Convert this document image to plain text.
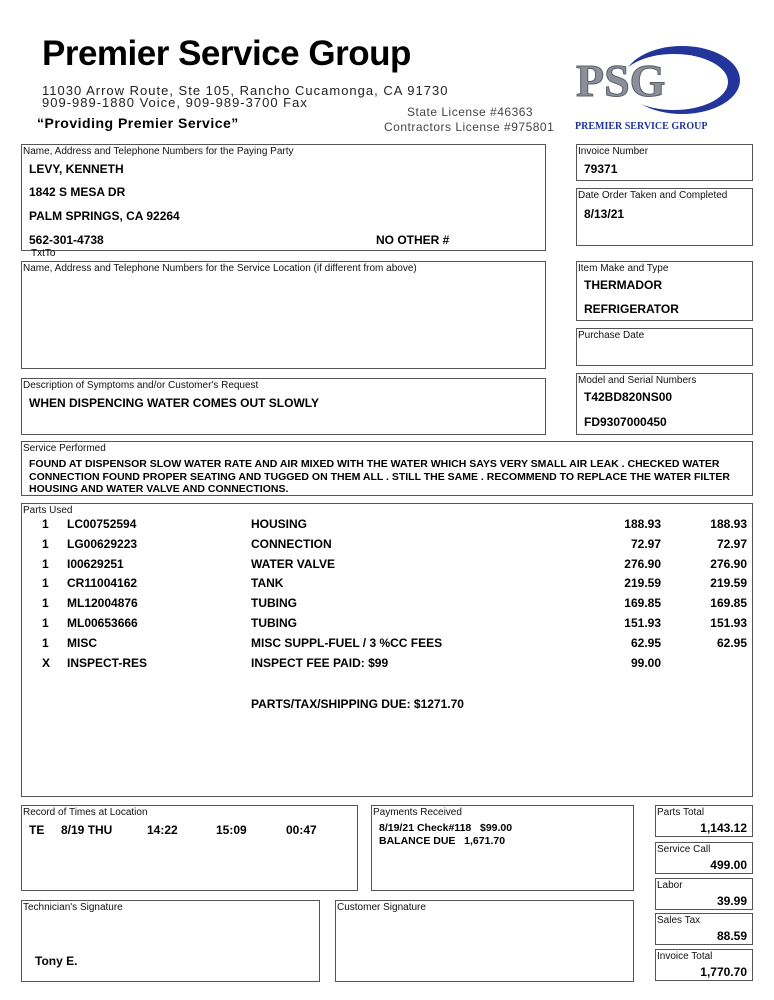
Premier Service Group
11030 Arrow Route, Ste 105, Rancho Cucamonga, CA 91730
909-989-1880 Voice, 909-989-3700 Fax
“Providing Premier Service”
State License #46363
Contractors License #975801
PSG
PREMIER SERVICE GROUP
Name, Address and Telephone Numbers for the Paying Party
LEVY, KENNETH
1842 S MESA DR
PALM SPRINGS, CA 92264
562-301-4738	NO OTHER #
TxtTo
Invoice Number
79371
Date Order Taken and Completed
8/13/21
Name, Address and Telephone Numbers for the Service Location (if different from above)	Item Make and Type
THERMADOR
REFRIGERATOR
Purchase Date
Description of Symptoms and/or Customer's Request
WHEN DISPENCING WATER COMES OUT SLOWLY
Model and Serial Numbers
T42BD820NS00
FD9307000450
Service Performed
FOUND AT DISPENSOR SLOW WATER RATE AND AIR MIXED WITH THE WATER WHICH SAYS VERY SMALL AIR LEAK . CHECKED WATER CONNECTION FOUND PROPER SEATING AND TUGGED ON THEM ALL . STILL THE SAME . RECOMMEND TO REPLACE THE WATER FILTER HOUSING AND WATER VALVE AND CONNECTIONS.
Parts Used
1 LC00752594	HOUSING	188.93	188.93
1 LG00629223	CONNECTION	72.97	72.97
1 I00629251	WATER VALVE	276.90	276.90
1 CR11004162	TANK	219.59	219.59
1 ML12004876	TUBING	169.85	169.85
1 ML00653666	TUBING	151.93	151.93
1 MISC	MISC SUPPL-FUEL / 3 %CC FEES	62.95	62.95
X INSPECT-RES	INSPECT FEE PAID: $99	99.00
PARTS/TAX/SHIPPING DUE: $1271.70
Record of Times at Location
TE 8/19 THU	14:22	15:09	00:47
Payments Received
8/19/21 Check#118   $99.00
BALANCE DUE   1,671.70
Parts Total
1,143.12
Service Call
499.00
Labor
39.99
Sales Tax
88.59
Invoice Total
1,770.70
Technician's Signature
Tony E.
Customer Signature
